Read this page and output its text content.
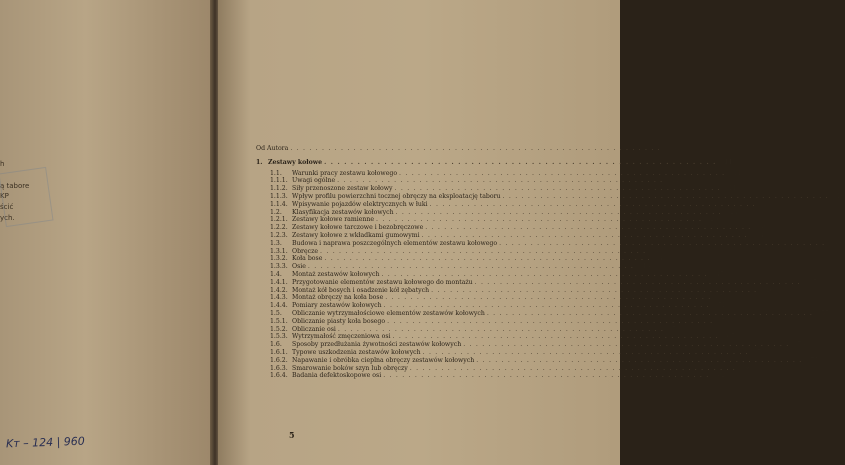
h
ą tabore
KP
ścić
ych.
Kт – 124 | 960
Od Autora . . . . . . . . . . . . . . . . . . . . . . . . . . . . . . . . . . . . . . . . . . . . . . . . . . . . . . . . . . .	9
1. Zestawy kołowe . . . . . . . . . . . . . . . . . . . . . . . . . . . . . . . . . . . . . . . . . . . . . . . . . . . . . . . . . . .	11
1.1.	Warunki pracy zestawu kołowego . . . . . . . . . . . . . . . . . . . . . . . . . . . . . . . . . . . . . . . . . . . . . . . . . . . .	11
1.1.1. Uwagi ogólne . . . . . . . . . . . . . . . . . . . . . . . . . . . . . . . . . . . . . . . . . . . . . . . . . . . .	11
1.1.2. Siły przenoszone zestaw kołowy . . . . . . . . . . . . . . . . . . . . . . . . . . . . . . . . . . . . . . . . . . . . . . . . . . . .	11
1.1.3. Wpływ profilu powierzchni tocznej obręczy na eksploatację taboru . . . . . . . . . . . . . . . . . . . . . . . . . . . . . . . . . . . . . . . . . . . . . . . . . . . .	16
1.1.4. Wpisywanie pojazdów elektrycznych w łuki . . . . . . . . . . . . . . . . . . . . . . . . . . . . . . . . . . . . . . . . . . . . . . . . . . . .	19
1.2.	Klasyfikacja zestawów kołowych . . . . . . . . . . . . . . . . . . . . . . . . . . . . . . . . . . . . . . . . . . . . . . . . . . . .	24
1.2.1. Zestawy kołowe ramienne . . . . . . . . . . . . . . . . . . . . . . . . . . . . . . . . . . . . . . . . . . . . . . . . . . . .	26
1.2.2. Zestawy kołowe tarczowe i bezobręczowe . . . . . . . . . . . . . . . . . . . . . . . . . . . . . . . . . . . . . . . . . . . . . . . . . . . .	30
1.2.3. Zestawy kołowe z wkładkami gumowymi . . . . . . . . . . . . . . . . . . . . . . . . . . . . . . . . . . . . . . . . . . . . . . . . . . . .	34
1.3.	Budowa i naprawa poszczególnych elementów zestawu kołowego . . . . . . . . . . . . . . . . . . . . . . . . . . . . . . . . . . . . . . . . . . . . . . . . . . . .	39
1.3.1. Obręcze . . . . . . . . . . . . . . . . . . . . . . . . . . . . . . . . . . . . . . . . . . . . . . . . . . . .	39
1.3.2. Koła bose . . . . . . . . . . . . . . . . . . . . . . . . . . . . . . . . . . . . . . . . . . . . . . . . . . . .	41
1.3.3. Osie . . . . . . . . . . . . . . . . . . . . . . . . . . . . . . . . . . . . . . . . . . . . . . . . . . . .	43
1.4.	Montaż zestawów kołowych . . . . . . . . . . . . . . . . . . . . . . . . . . . . . . . . . . . . . . . . . . . . . . . . . . . .	45
1.4.1. Przygotowanie elementów zestawu kołowego do montażu . . . . . . . . . . . . . . . . . . . . . . . . . . . . . . . . . . . . . . . . . . . . . . . . . . . .	45
1.4.2. Montaż kół bosych i osadzenie kół zębatych . . . . . . . . . . . . . . . . . . . . . . . . . . . . . . . . . . . . . . . . . . . . . . . . . . . .	46
1.4.3. Montaż obręczy na koła bose . . . . . . . . . . . . . . . . . . . . . . . . . . . . . . . . . . . . . . . . . . . . . . . . . . . .	51
1.4.4. Pomiary zestawów kołowych . . . . . . . . . . . . . . . . . . . . . . . . . . . . . . . . . . . . . . . . . . . . . . . . . . . .	51
1.5.	Obliczanie wytrzymałościowe elementów zestawów kołowych . . . . . . . . . . . . . . . . . . . . . . . . . . . . . . . . . . . . . . . . . . . . . . . . . . . .	57
1.5.1. Obliczanie piasty koła bosego . . . . . . . . . . . . . . . . . . . . . . . . . . . . . . . . . . . . . . . . . . . . . . . . . . . .	58
1.5.2. Obliczanie osi . . . . . . . . . . . . . . . . . . . . . . . . . . . . . . . . . . . . . . . . . . . . . . . . . . . .	59
1.5.3. Wytrzymałość zmęczeniowa osi . . . . . . . . . . . . . . . . . . . . . . . . . . . . . . . . . . . . . . . . . . . . . . . . . . . .	67
1.6.	Sposoby przedłużania żywotności zestawów kołowych . . . . . . . . . . . . . . . . . . . . . . . . . . . . . . . . . . . . . . . . . . . . . . . . . . . .	73
1.6.1. Typowe uszkodzenia zestawów kołowych . . . . . . . . . . . . . . . . . . . . . . . . . . . . . . . . . . . . . . . . . . . . . . . . . . . .	73
1.6.2. Napawanie i obróbka cieplna obręczy zestawów kołowych . . . . . . . . . . . . . . . . . . . . . . . . . . . . . . . . . . . . . . . . . . . . . . . . . . . .	75
1.6.3. Smarowanie boków szyn lub obręczy . . . . . . . . . . . . . . . . . . . . . . . . . . . . . . . . . . . . . . . . . . . . . . . . . . . .	80
1.6.4. Badania defektoskopowe osi . . . . . . . . . . . . . . . . . . . . . . . . . . . . . . . . . . . . . . . . . . . . . . . . . . . .	82
5
